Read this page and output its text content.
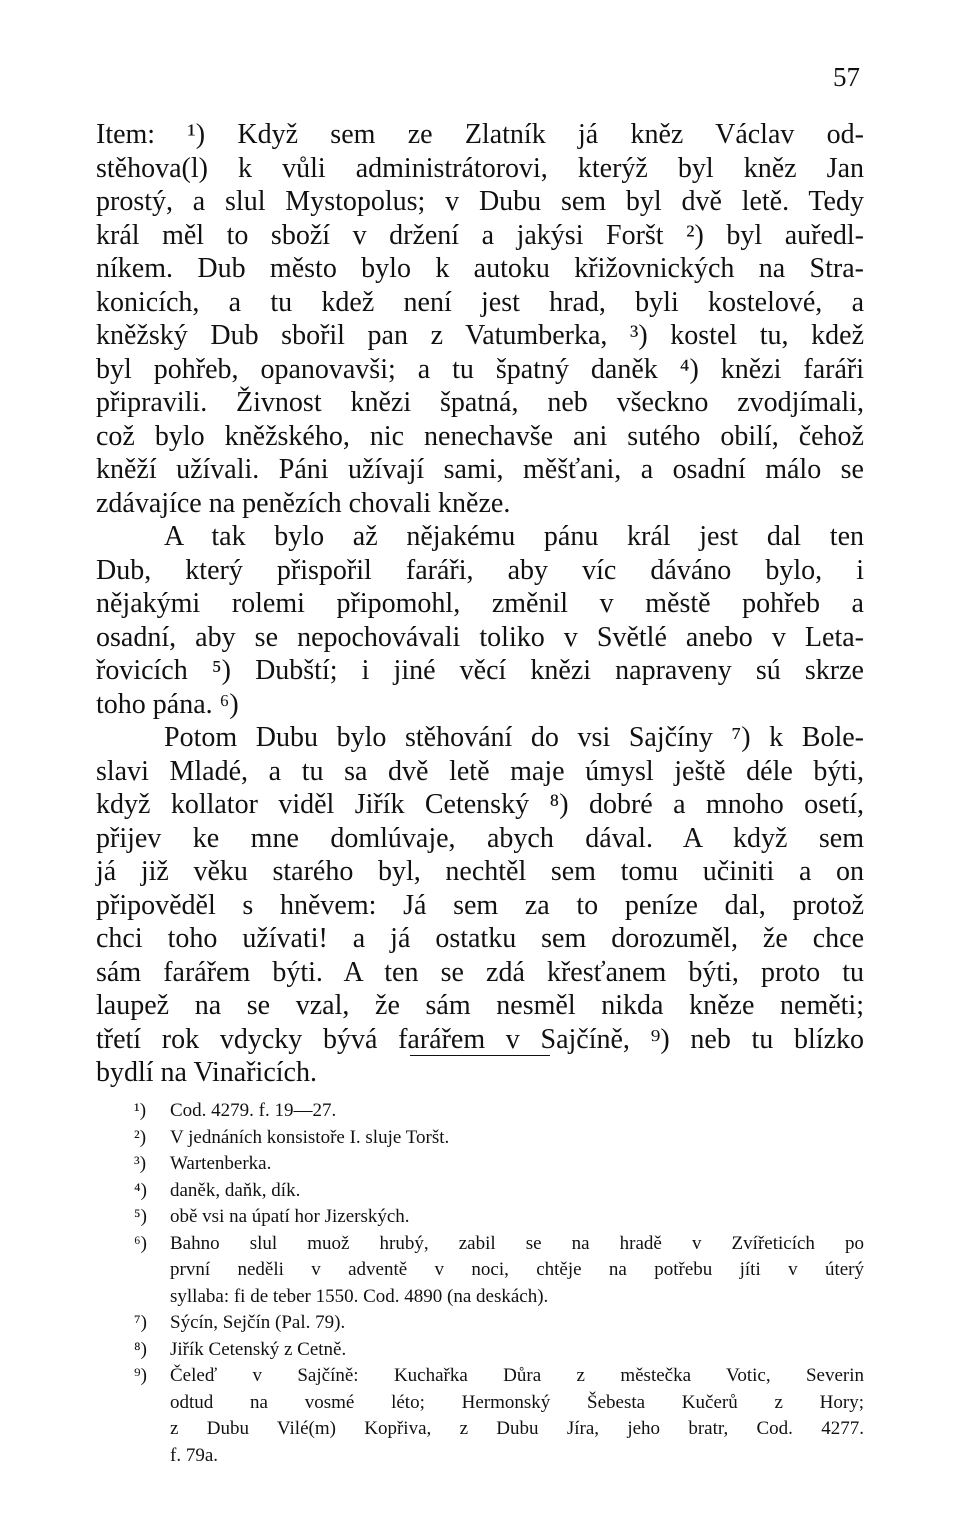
57
Item: ¹) Když sem ze Zlatník já kněz Václav od-
stěhova(l) k vůli administrátorovi, kterýž byl kněz Jan
prostý, a slul Mystopolus; v Dubu sem byl dvě letě. Tedy
král měl to sboží v držení a jakýsi Foršt ²) byl auředl-
níkem. Dub město bylo k autoku křižovnických na Stra-
konicích, a tu kdež není jest hrad, byli kostelové, a
kněžský Dub sbořil pan z Vatumberka, ³) kostel tu, kdež
byl pohřeb, opanovavši; a tu špatný daněk ⁴) knězi faráři
připravili. Živnost knězi špatná, neb všeckno zvodjímali,
což bylo kněžského, nic nenechavše ani sutého obilí, čehož
kněží užívali. Páni užívají sami, měšťani, a osadní málo se
zdávajíce na penězích chovali kněze.
A tak bylo až nějakému pánu král jest dal ten
Dub, který přispořil faráři, aby víc dáváno bylo, i
nějakými rolemi připomohl, změnil v městě pohřeb a
osadní, aby se nepochovávali toliko v Světlé anebo v Leta-
řovicích ⁵) Dubští; i jiné věcí knězi napraveny sú skrze
toho pána. ⁶)
Potom Dubu bylo stěhování do vsi Sajčíny ⁷) k Bole-
slavi Mladé, a tu sa dvě letě maje úmysl ještě déle býti,
když kollator viděl Jiřík Cetenský ⁸) dobré a mnoho osetí,
přijev ke mne domlúvaje, abych dával. A když sem
já již věku starého byl, nechtěl sem tomu učiniti a on
připověděl s hněvem: Já sem za to peníze dal, protož
chci toho užívati! a já ostatku sem dorozuměl, že chce
sám farářem býti. A ten se zdá křesťanem býti, proto tu
laupež na se vzal, že sám nesměl nikda kněze neměti;
třetí rok vdycky bývá farářem v Sajčíně, ⁹) neb tu blízko
bydlí na Vinařicích.
¹) Cod. 4279. f. 19—27.
²) V jednáních konsistoře I. sluje Toršt.
³) Wartenberka.
⁴) daněk, daňk, dík.
⁵) obě vsi na úpatí hor Jizerských.
⁶) Bahno slul muož hrubý, zabil se na hradě v Zvířeticích po
první neděli v adventě v noci, chtěje na potřebu jíti v úterý
syllaba: fi de teber 1550. Cod. 4890 (na deskách).
⁷) Sýcín, Sejčín (Pal. 79).
⁸) Jiřík Cetenský z Cetně.
⁹) Čeleď v Sajčíně: Kuchařka Důra z městečka Votic, Severin
odtud na vosmé léto; Hermonský Šebesta Kučerů z Hory;
z Dubu Vilé(m) Kopřiva, z Dubu Jíra, jeho bratr, Cod. 4277.
f. 79a.
